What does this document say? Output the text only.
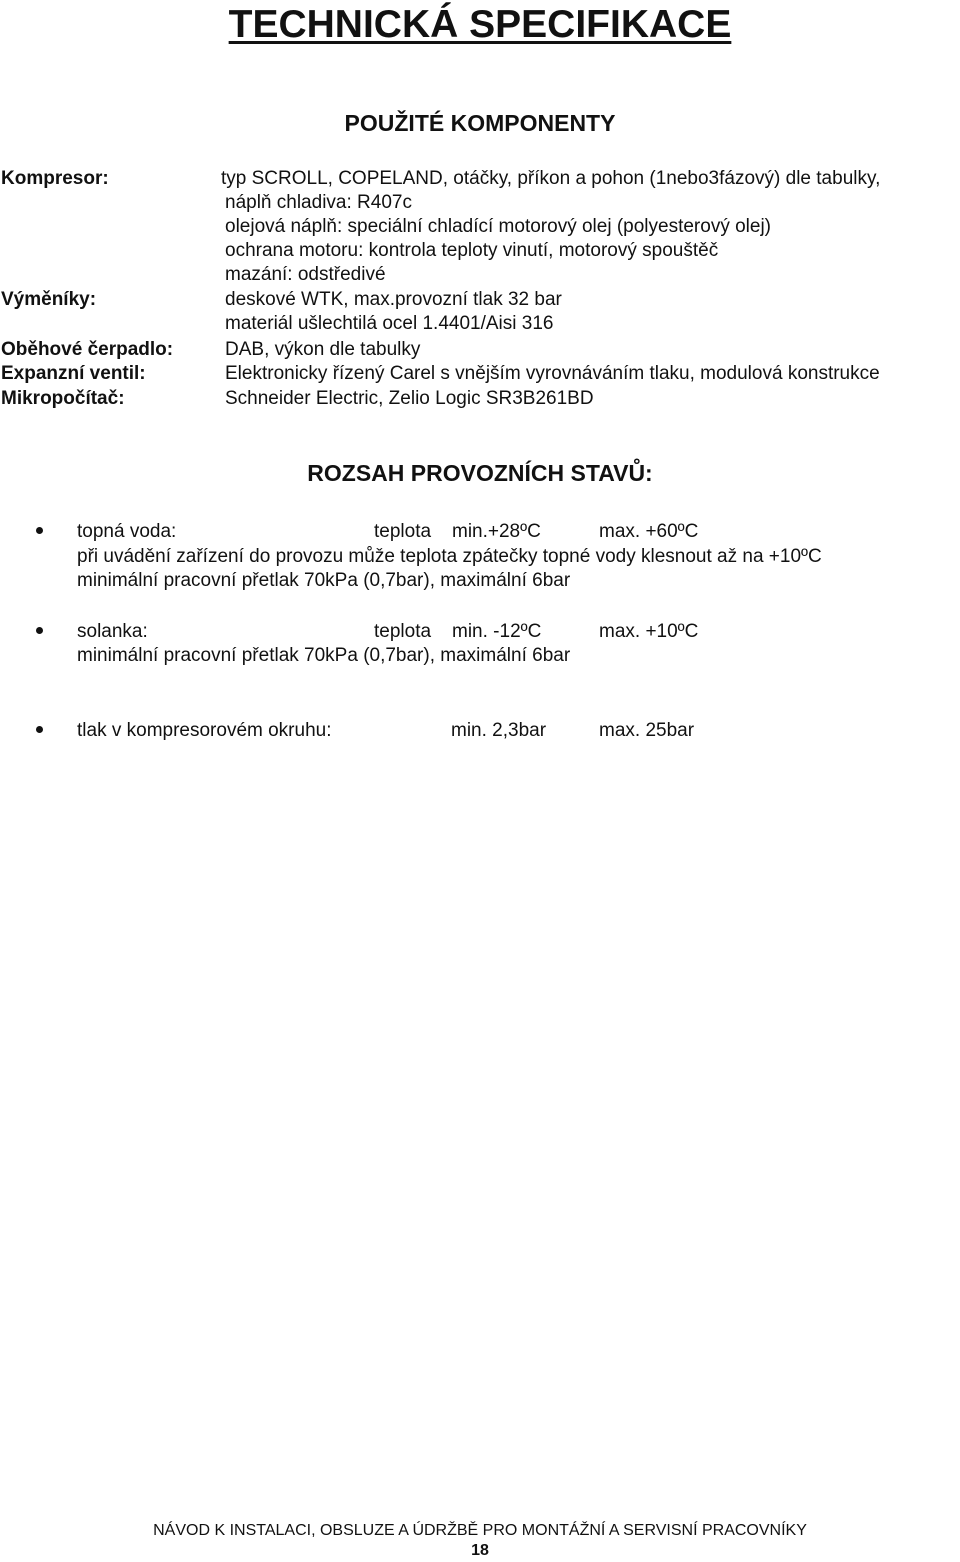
TECHNICKÁ SPECIFIKACE
POUŽITÉ KOMPONENTY
Kompresor:	typ SCROLL, COPELAND, otáčky, příkon a pohon (1nebo3fázový) dle tabulky,
náplň chladiva: R407c
olejová náplň: speciální chladící motorový olej (polyesterový olej)
ochrana motoru: kontrola teploty vinutí, motorový spouštěč
mazání: odstředivé
Výměníky:	deskové WTK, max.provozní tlak 32 bar
materiál ušlechtilá ocel 1.4401/Aisi 316
Oběhové čerpadlo:	DAB, výkon dle tabulky
Expanzní ventil:	Elektronicky řízený Carel s vnějším vyrovnáváním tlaku, modulová konstrukce
Mikropočítač:	Schneider Electric, Zelio Logic SR3B261BD
ROZSAH PROVOZNÍCH STAVŮ:
topná voda:	teplota min.+28ºC	max. +60ºC
při uvádění zařízení do provozu může teplota zpátečky topné vody klesnout až na +10ºC
minimální pracovní přetlak 70kPa (0,7bar), maximální 6bar
solanka:	teplota min. -12ºC	max. +10ºC
minimální pracovní přetlak 70kPa (0,7bar), maximální 6bar
tlak v kompresorovém okruhu:	min. 2,3bar	max. 25bar
NÁVOD K INSTALACI, OBSLUZE A ÚDRŽBĚ PRO MONTÁŽNÍ A SERVISNÍ PRACOVNÍKY
18
